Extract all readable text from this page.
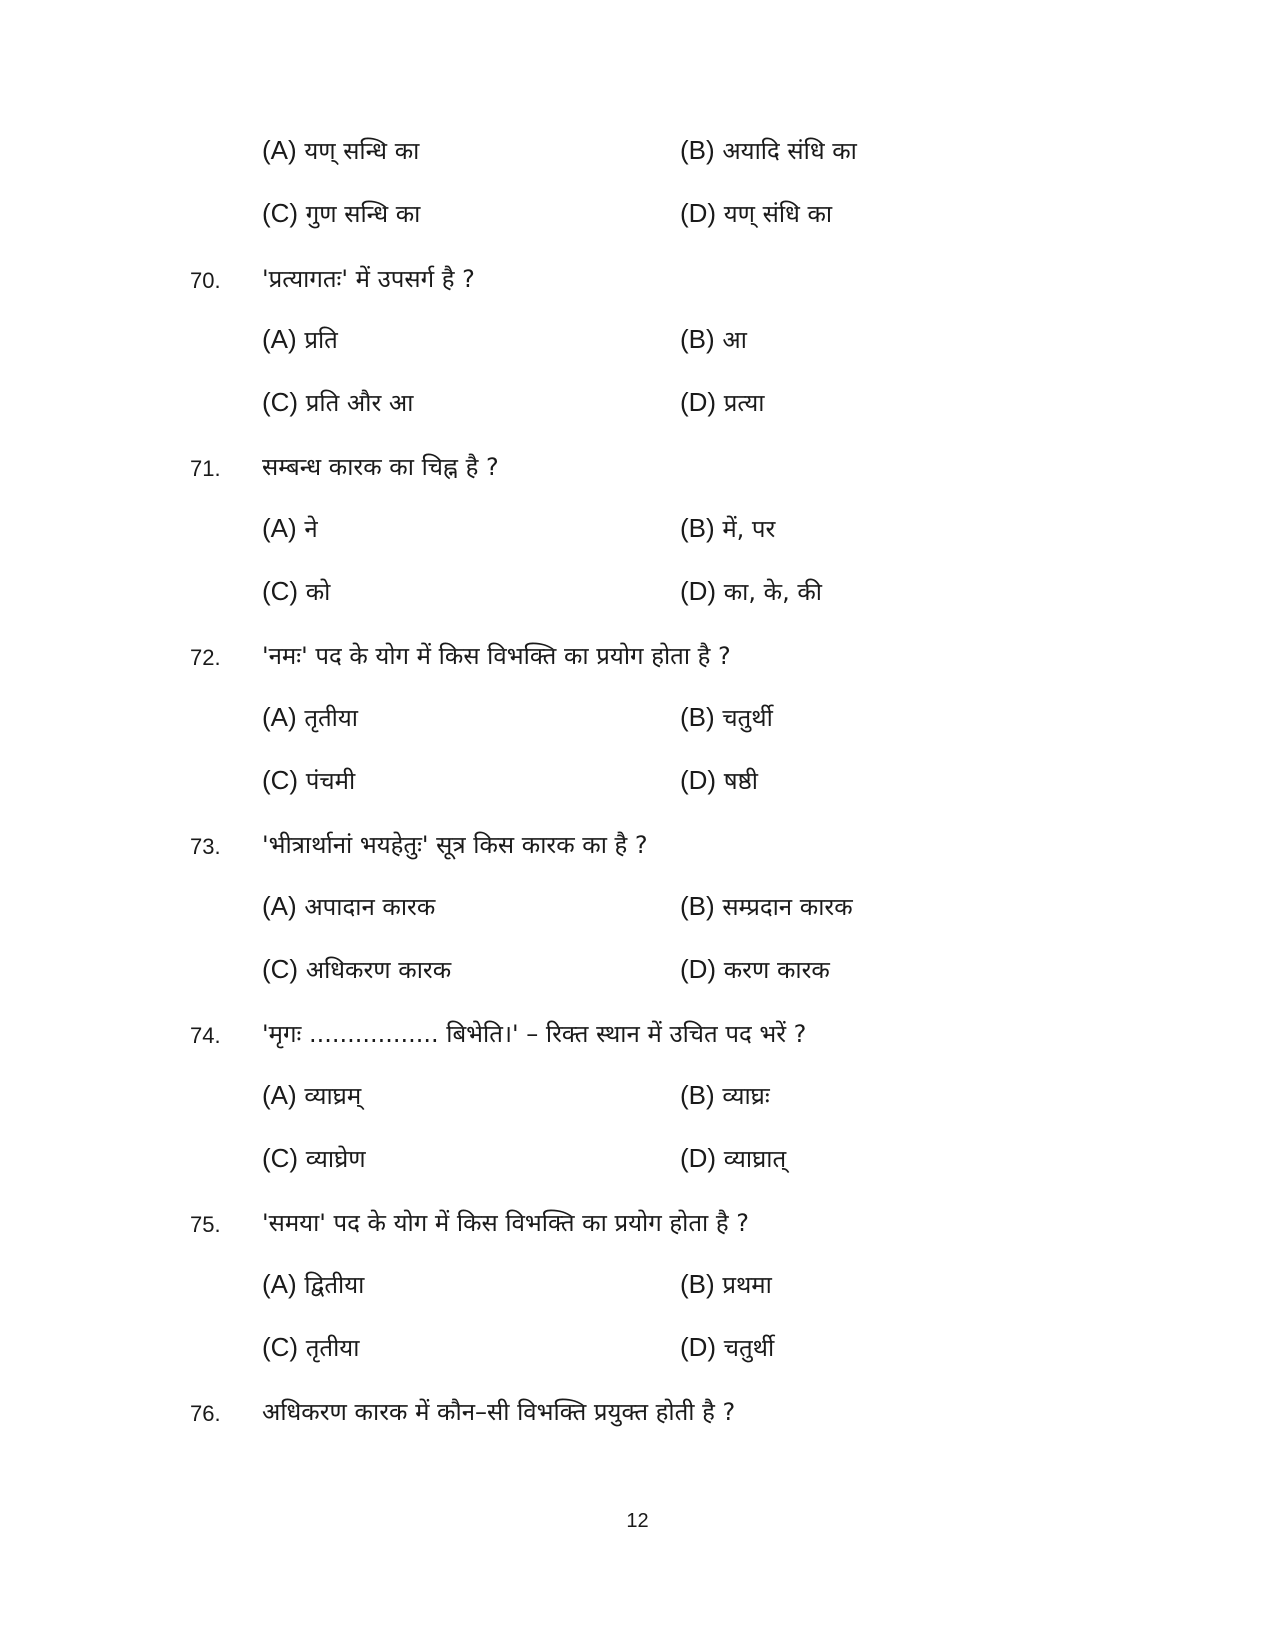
(A) यण् सन्धि का	(B) अयादि संधि का
(C) गुण सन्धि का	(D) यण् संधि का
70. 'प्रत्यागतः' में उपसर्ग है ?
(A) प्रति	(B) आ
(C) प्रति और आ	(D) प्रत्या
71. सम्बन्ध कारक का चिह्न है ?
(A) ने	(B) में, पर
(C) को	(D) का, के, की
72. 'नमः' पद के योग में किस विभक्ति का प्रयोग होता है ?
(A) तृतीया	(B) चतुर्थी
(C) पंचमी	(D) षष्ठी
73. 'भीत्रार्थानां भयहेतुः' सूत्र किस कारक का है ?
(A) अपादान कारक	(B) सम्प्रदान कारक
(C) अधिकरण कारक	(D) करण कारक
74. 'मृगः ................. बिभेति।' – रिक्त स्थान में उचित पद भरें ?
(A) व्याघ्रम्	(B) व्याघ्रः
(C) व्याघ्रेण	(D) व्याघ्रात्
75. 'समया' पद के योग में किस विभक्ति का प्रयोग होता है ?
(A) द्वितीया	(B) प्रथमा
(C) तृतीया	(D) चतुर्थी
76. अधिकरण कारक में कौन–सी विभक्ति प्रयुक्त होती है ?
12
